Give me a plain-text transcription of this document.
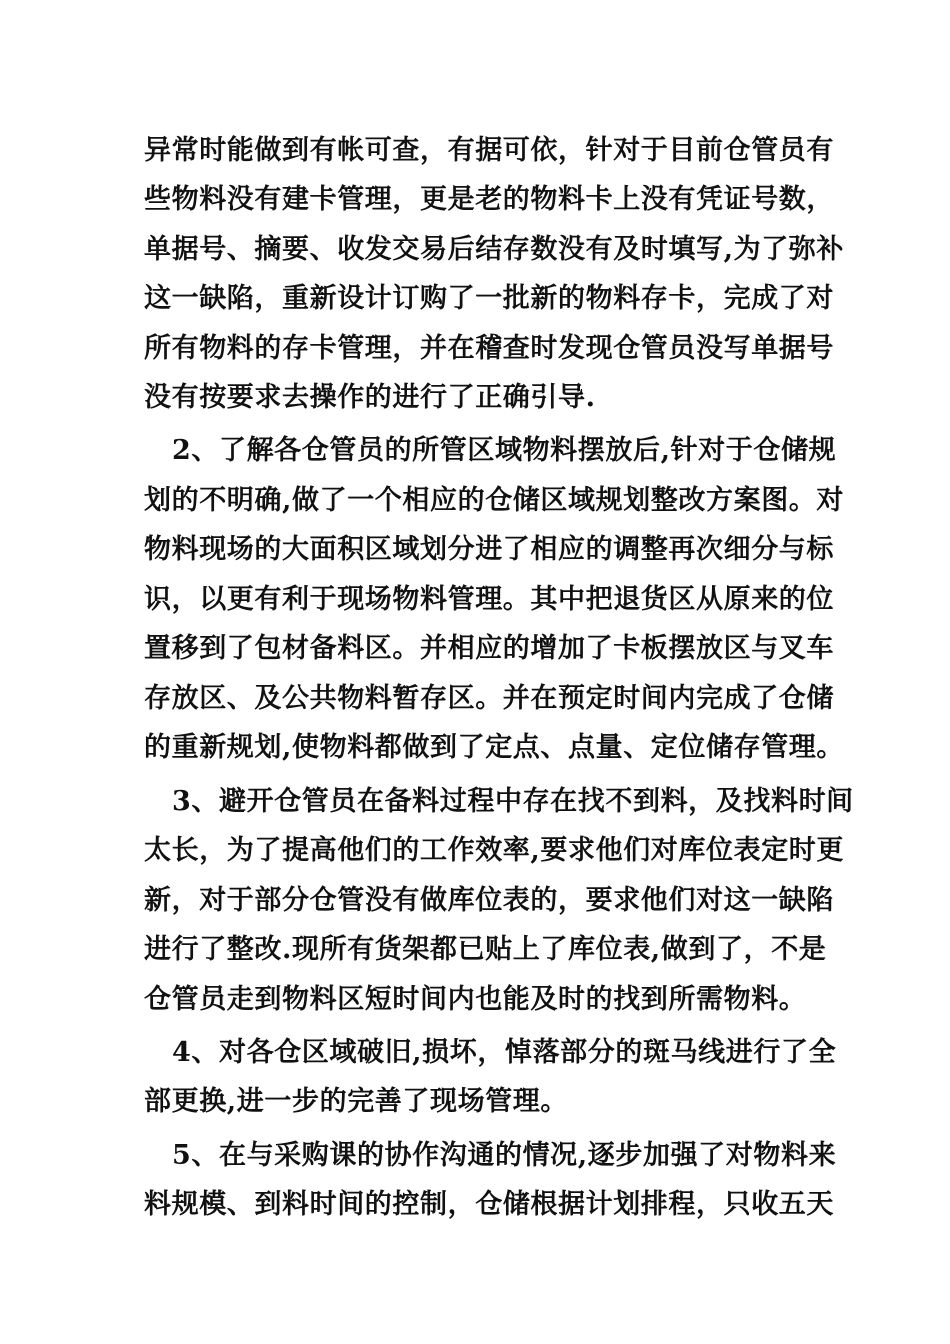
异常时能做到有帐可查，有据可依，针对于目前仓管员有
些物料没有建卡管理，更是老的物料卡上没有凭证号数，
单据号、摘要、收发交易后结存数没有及时填写,为了弥补
这一缺陷，重新设计订购了一批新的物料存卡，完成了对
所有物料的存卡管理，并在稽查时发现仓管员没写单据号
没有按要求去操作的进行了正确引导.
2、了解各仓管员的所管区域物料摆放后,针对于仓储规
划的不明确,做了一个相应的仓储区域规划整改方案图。对
物料现场的大面积区域划分进了相应的调整再次细分与标
识，以更有利于现场物料管理。其中把退货区从原来的位
置移到了包材备料区。并相应的增加了卡板摆放区与叉车
存放区、及公共物料暂存区。并在预定时间内完成了仓储
的重新规划,使物料都做到了定点、点量、定位储存管理。
3、避开仓管员在备料过程中存在找不到料，及找料时间
太长，为了提高他们的工作效率,要求他们对库位表定时更
新，对于部分仓管没有做库位表的，要求他们对这一缺陷
进行了整改.现所有货架都已贴上了库位表,做到了，不是
仓管员走到物料区短时间内也能及时的找到所需物料。
4、对各仓区域破旧,损坏，悼落部分的斑马线进行了全
部更换,进一步的完善了现场管理。
5、在与采购课的协作沟通的情况,逐步加强了对物料来
料规模、到料时间的控制，仓储根据计划排程，只收五天
